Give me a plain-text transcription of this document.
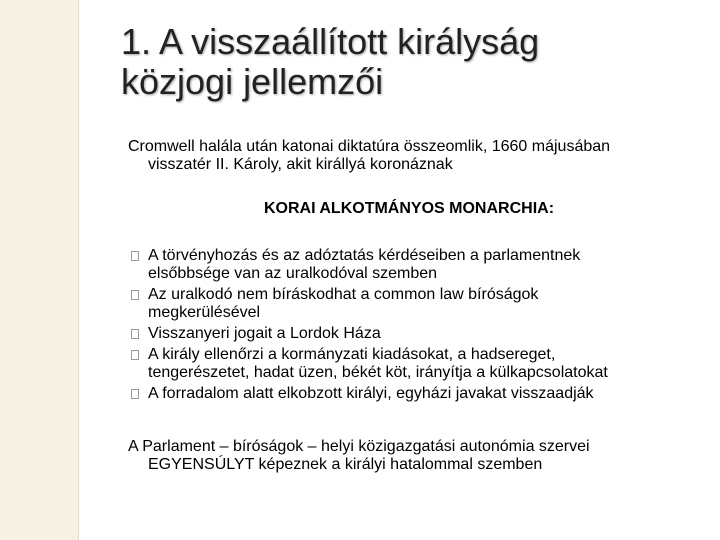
1. A visszaállított királyság
közjogi jellemzői
Cromwell halála után katonai diktatúra összeomlik, 1660 májusában
visszatér II. Károly, akit királlyá koronáznak
KORAI ALKOTMÁNYOS MONARCHIA:
A törvényhozás és az adóztatás kérdéseiben a parlamentnek
elsőbbsége van az uralkodóval szemben
Az uralkodó nem bíráskodhat a common law bíróságok
megkerülésével
Visszanyeri jogait a Lordok Háza
A király ellenőrzi a kormányzati kiadásokat, a hadsereget,
tengerészetet, hadat üzen, békét köt, irányítja a külkapcsolatokat
A forradalom alatt elkobzott királyi, egyházi javakat visszaadják
A Parlament – bíróságok – helyi közigazgatási autonómia szervei
EGYENSÚLYT képeznek a királyi hatalommal szemben
